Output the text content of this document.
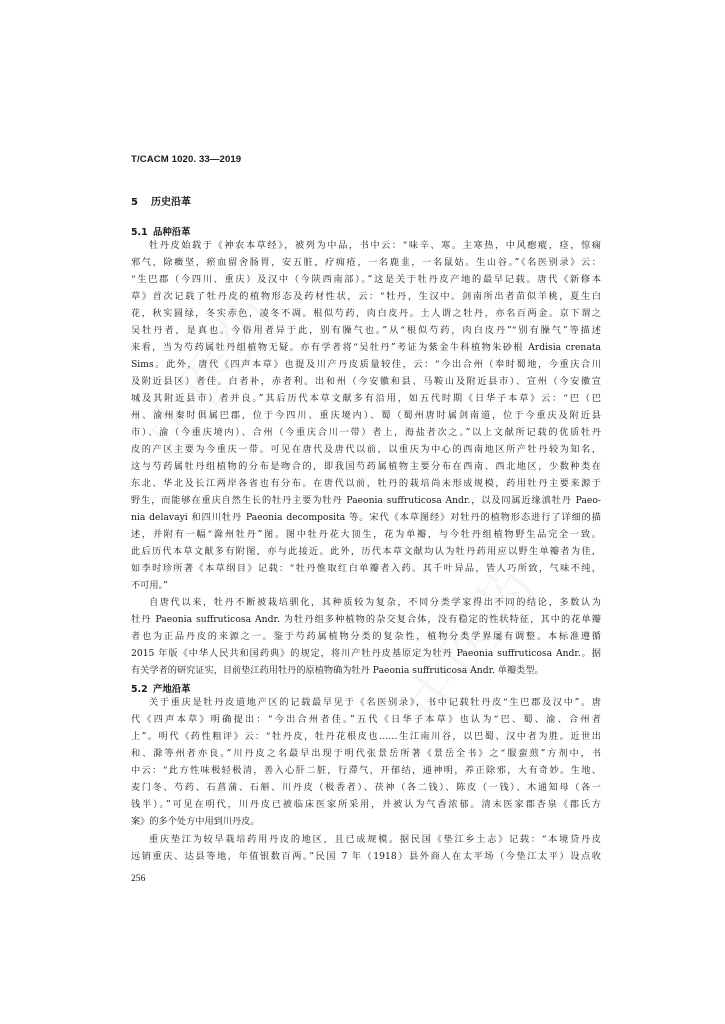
T/CACM 1020. 33—2019
5 历史沿革
5.1 品种沿革
牡丹皮始载于《神农本草经》，被列为中品，书中云：“味辛、寒。主寒热，中风瘛瘲，痉，惊痫
邪气，除癥坚，瘀血留舍肠胃，安五脏，疗痈疮，一名鹿韭，一名鼠姑。生山谷。”《名医别录》云：
“生巴郡（今四川、重庆）及汉中（今陕西南部）。”这是关于牡丹皮产地的最早记载。唐代《新修本
草》首次记载了牡丹皮的植物形态及药材性状，云：“牡丹，生汉中。剑南所出者苗似羊桃，夏生白
花，秋实圆绿，冬实赤色，凌冬不凋。根似芍药，肉白皮丹。土人谓之牡丹，亦名百两金。京下谓之
吴牡丹者，是真也。今俗用者异于此，别有臊气也。”从“根似芍药，肉白皮丹”“别有臊气”等描述
来看，当为芍药属牡丹组植物无疑。亦有学者将“吴牡丹”考证为紫金牛科植物朱砂根 Ardisia crenata
Sims。此外，唐代《四声本草》也提及川产丹皮质量较佳，云：“今出合州（奉时蜀地，今重庆合川
及附近县区）者佳。白者补，赤者利。出和州（今安徽和县、马鞍山及附近县市）、宣州（今安徽宣
城及其附近县市）者并良。”其后历代本草文献多有沿用，如五代时期《日华子本草》云：“巴（巴
州、渝州秦时俱属巴郡，位于今四川、重庆境内）、蜀（蜀州唐时属剑南道，位于今重庆及附近县
市）、渝（今重庆境内）、合州（今重庆合川一带）者上，海盐者次之。”以上文献所记载的优质牡丹
皮的产区主要为今重庆一带。可见在唐代及唐代以前，以重庆为中心的西南地区所产牡丹较为知名，
这与芍药属牡丹组植物的分布是吻合的，即我国芍药属植物主要分布在西南、西北地区，少数种类在
东北、华北及长江两岸各省也有分布。在唐代以前，牡丹的栽培尚未形成规模，药用牡丹主要来源于
野生，而能够在重庆自然生长的牡丹主要为牡丹 Paeonia suffruticosa Andr.，以及同属近缘滇牡丹 Paeo-
nia delavayi 和四川牡丹 Paeonia decomposita 等。宋代《本草图经》对牡丹的植物形态进行了详细的描
述，并附有一幅“滁州牡丹”图。图中牡丹花大顶生，花为单瓣，与今牡丹组植物野生品完全一致。
此后历代本草文献多有附图，亦与此接近。此外，历代本草文献均认为牡丹药用应以野生单瓣者为佳，
如李时珍所著《本草纲目》记载：“牡丹惟取红白单瓣者入药。其千叶异品，皆人巧所致，气味不纯，
不可用。”
自唐代以来，牡丹不断被栽培驯化，其种质较为复杂，不同分类学家得出不同的结论，多数认为
牡丹 Paeonia suffruticosa Andr. 为牡丹组多种植物的杂交复合体，没有稳定的性状特征，其中的花单瓣
者也为正品丹皮的来源之一。鉴于芍药属植物分类的复杂性，植物分类学界屡有调整。本标准遵循
2015 年版《中华人民共和国药典》的规定，将川产牡丹皮基原定为牡丹 Paeonia suffruticosa Andr.。据
有关学者的研究证实，目前垫江药用牡丹的原植物确为牡丹 Paeonia suffruticosa Andr. 单瓣类型。
5.2 产地沿革
关于重庆是牡丹皮道地产区的记载最早见于《名医别录》，书中记载牡丹皮“生巴郡及汉中”。唐
代《四声本草》明确提出：“今出合州者佳。”五代《日华子本草》也认为“巴、蜀、渝、合州者
上”。明代《药性粗评》云：“牡丹皮，牡丹花根皮也……生江南川谷，以巴蜀、汉中者为胜。近世出
和、滁等州者亦良。”川丹皮之名最早出现于明代张景岳所著《景岳全书》之“服蛮煎”方剂中，书
中云：“此方性味极轻极清，善入心肝二脏，行滞气，开郁结，通神明，养正除邪，大有奇妙。生地、
麦门冬、芍药、石菖蒲、石斛、川丹皮（极香者）、茯神（各二钱）、陈皮（一钱）、木通知母（各一
钱半）。”可见在明代，川丹皮已被临床医家所采用，并被认为气香浓郁。清末医家郡杏泉《郡氏方
案》的多个处方中用到川丹皮。
重庆垫江为较早栽培药用丹皮的地区，且已成规模。据民国《垫江乡土志》记载：“本境贷丹皮
远销重庆、达县等地，年值银数百两。”民国 7 年（1918）县外商人在太平场（今垫江太平）设点收
256
